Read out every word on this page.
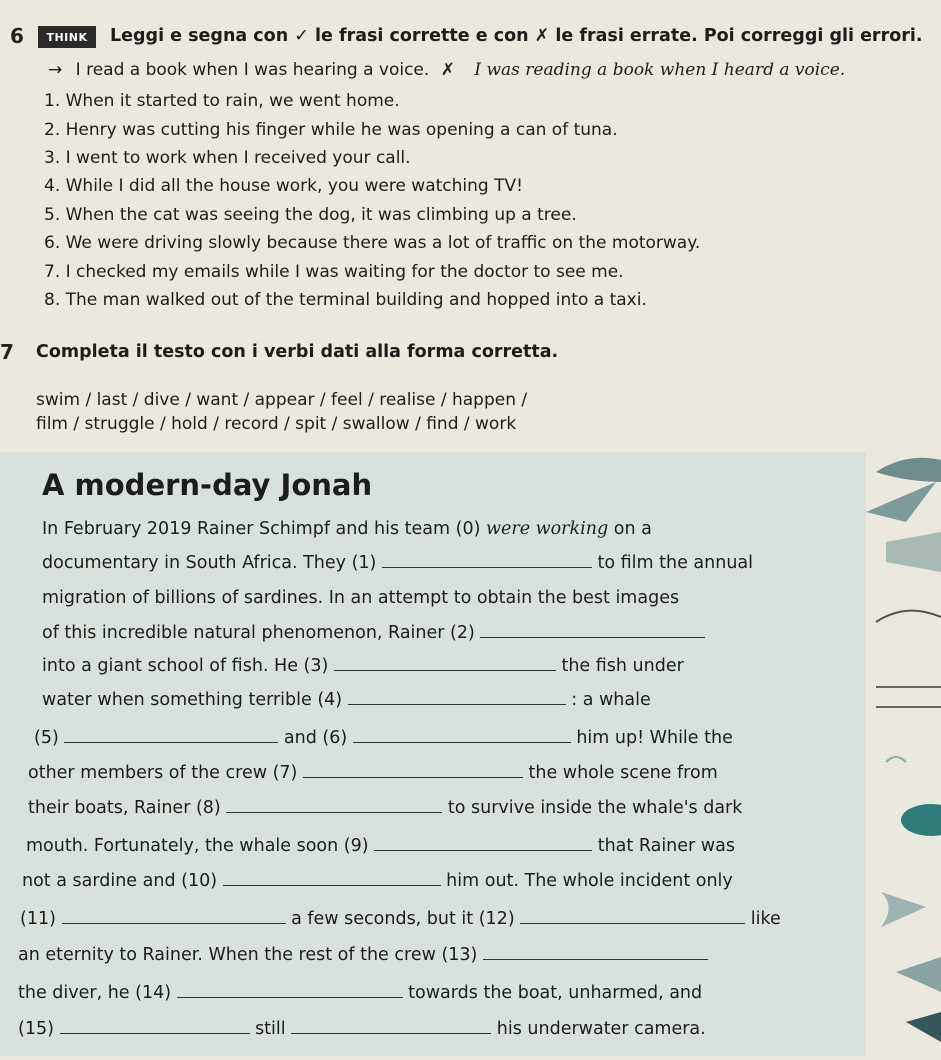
6	THINK	Leggi e segna con ✓ le frasi corrette e con ✗ le frasi errate. Poi correggi gli errori.
→ I read a book when I was hearing a voice. ✗ I was reading a book when I heard a voice.
1. When it started to rain, we went home.
2. Henry was cutting his finger while he was opening a can of tuna.
3. I went to work when I received your call.
4. While I did all the house work, you were watching TV!
5. When the cat was seeing the dog, it was climbing up a tree.
6. We were driving slowly because there was a lot of traffic on the motorway.
7. I checked my emails while I was waiting for the doctor to see me.
8. The man walked out of the terminal building and hopped into a taxi.
7 Completa il testo con i verbi dati alla forma corretta.
swim / last / dive / want / appear / feel / realise / happen /
film / struggle / hold / record / spit / swallow / find / work
A modern-day Jonah
In February 2019 Rainer Schimpf and his team (0) were working on a
documentary in South Africa. They (1)	to film the annual
migration of billions of sardines. In an attempt to obtain the best images
of this incredible natural phenomenon, Rainer (2)
into a giant school of fish. He (3)	the fish under
water when something terrible (4)	: a whale
(5)	and (6)	him up! While the
other members of the crew (7)	the whole scene from
their boats, Rainer (8)	to survive inside the whale's dark
mouth. Fortunately, the whale soon (9)	that Rainer was
not a sardine and (10)	him out. The whole incident only
(11)	a few seconds, but it (12)	like
an eternity to Rainer. When the rest of the crew (13)
the diver, he (14)	towards the boat, unharmed, and
(15)	still	his underwater camera.
